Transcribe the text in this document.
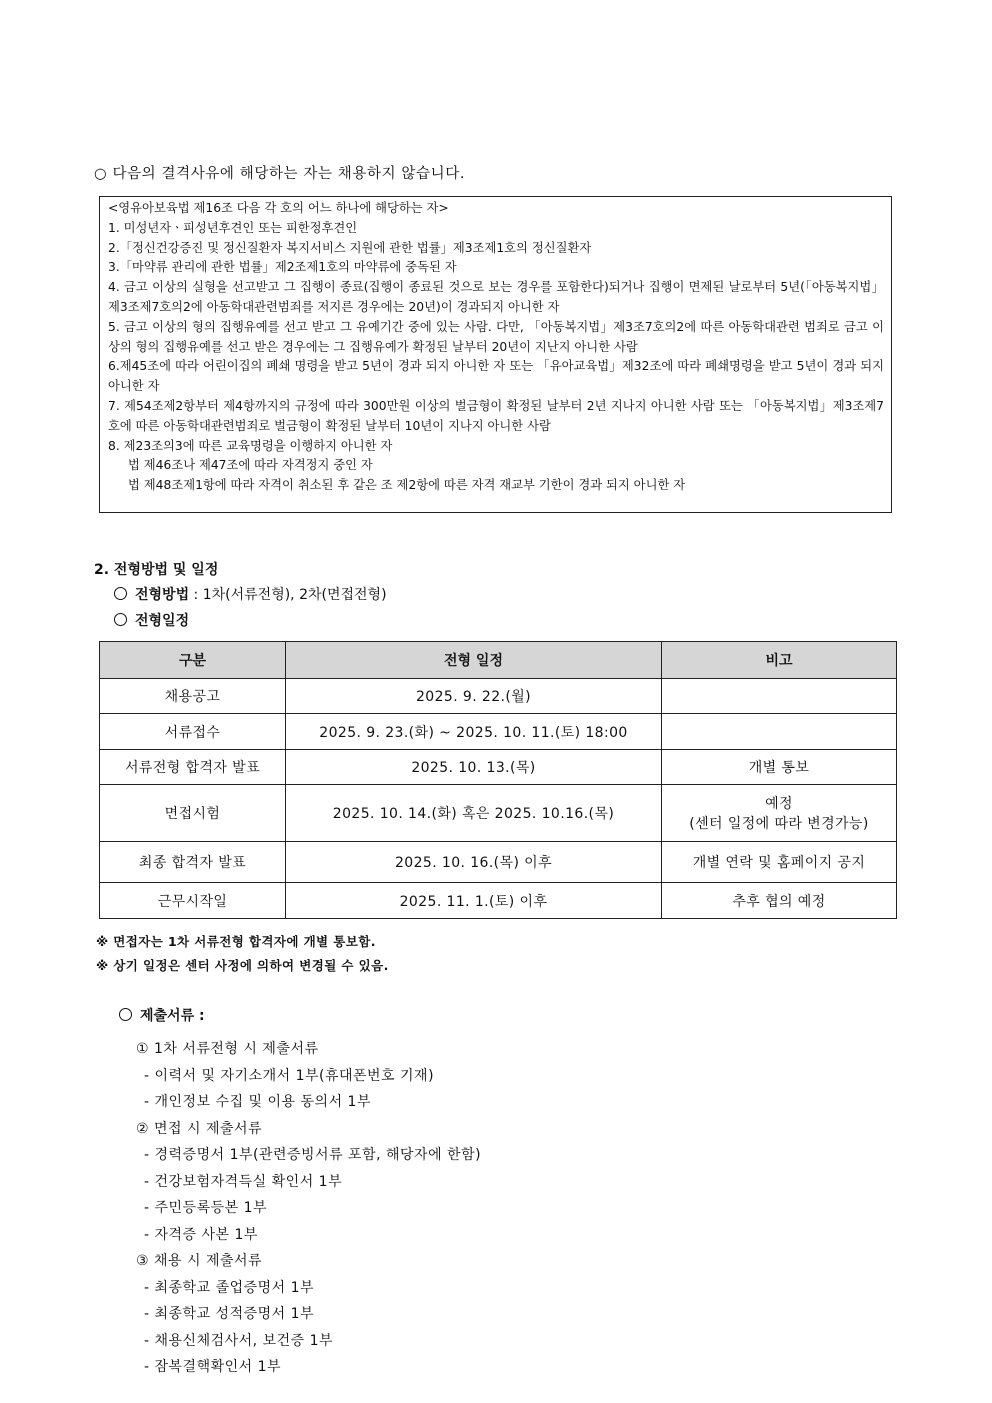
○ 다음의 결격사유에 해당하는 자는 채용하지 않습니다.
<영유아보육법 제16조 다음 각 호의 어느 하나에 해당하는 자>
1. 미성년자ㆍ피성년후견인 또는 피한정후견인
2.「정신건강증진 및 정신질환자 복지서비스 지원에 관한 법률」제3조제1호의 정신질환자
3.「마약류 관리에 관한 법률」제2조제1호의 마약류에 중독된 자
4. 금고 이상의 실형을 선고받고 그 집행이 종료(집행이 종료된 것으로 보는 경우를 포함한다)되거나 집행이 면제된 날로부터 5년(「아동복지법」제3조제7호의2에 아동학대관련범죄를 저지른 경우에는 20년)이 경과되지 아니한 자
5. 금고 이상의 형의 집행유예를 선고 받고 그 유예기간 중에 있는 사람. 다만, 「아동복지법」제3조7호의2에 따른 아동학대관련 범죄로 금고 이상의 형의 집행유예를 선고 받은 경우에는 그 집행유예가 확정된 날부터 20년이 지난지 아니한 사람
6.제45조에 따라 어린이집의 폐쇄 명령을 받고 5년이 경과 되지 아니한 자 또는 「유아교육법」제32조에 따라 폐쇄명령을 받고 5년이 경과 되지 아니한 자
7. 제54조제2항부터 제4항까지의 규정에 따라 300만원 이상의 벌금형이 확정된 날부터 2년 지나지 아니한 사람 또는 「아동복지법」제3조제7호에 따른 아동학대관련범죄로 벌금형이 확정된 날부터 10년이 지나지 아니한 사람
8. 제23조의3에 따른 교육명령을 이행하지 아니한 자
법 제46조나 제47조에 따라 자격정지 중인 자
법 제48조제1항에 따라 자격이 취소된 후 같은 조 제2항에 따른 자격 재교부 기한이 경과 되지 아니한 자
2. 전형방법 및 일정
전형방법 : 1차(서류전형), 2차(면접전형)
전형일정
구분	전형 일정	비고
채용공고	2025. 9. 22.(월)	
서류접수	2025. 9. 23.(화) ~ 2025. 10. 11.(토) 18:00	
서류전형 합격자 발표	2025. 10. 13.(목)	개별 통보
면접시험	2025. 10. 14.(화) 혹은 2025. 10.16.(목)	예정
(센터 일정에 따라 변경가능)

최종 합격자 발표	2025. 10. 16.(목) 이후	개별 연락 및 홈페이지 공지
근무시작일	2025. 11. 1.(토) 이후	추후 협의 예정
※ 면접자는 1차 서류전형 합격자에 개별 통보함.
※ 상기 일정은 센터 사정에 의하여 변경될 수 있음.
제출서류 :
① 1차 서류전형 시 제출서류
- 이력서 및 자기소개서 1부(휴대폰번호 기재)
- 개인정보 수집 및 이용 동의서 1부
② 면접 시 제출서류
- 경력증명서 1부(관련증빙서류 포함, 해당자에 한함)
- 건강보험자격득실 확인서 1부
- 주민등록등본 1부
- 자격증 사본 1부
③ 채용 시 제출서류
- 최종학교 졸업증명서 1부
- 최종학교 성적증명서 1부
- 채용신체검사서, 보건증 1부
- 잠복결핵확인서 1부
